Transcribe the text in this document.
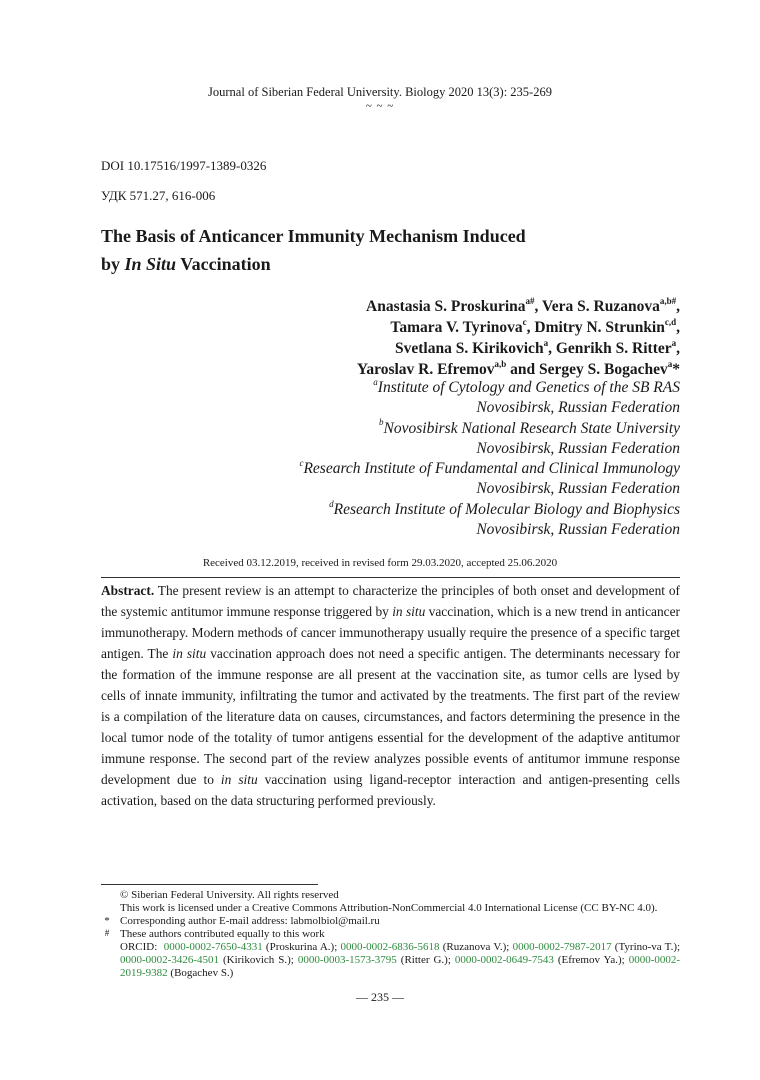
Journal of Siberian Federal University. Biology 2020 13(3): 235-269
~ ~ ~
DOI 10.17516/1997-1389-0326
УДК 571.27, 616-006
The Basis of Anticancer Immunity Mechanism Induced
by In Situ Vaccination
Anastasia S. Proskurina$^{a\#}$, Vera S. Ruzanova$^{a,b\#}$,
Tamara V. Tyrinova$^c$, Dmitry N. Strunkin$^{c,d}$,
Svetlana S. Kirikovich$^a$, Genrikh S. Ritter$^a$,
Yaroslav R. Efremov$^{a,b}$ and Sergey S. Bogachev$^a$*
$^a$Institute of Cytology and Genetics of the SB RAS
Novosibirsk, Russian Federation
$^b$Novosibirsk National Research State University
Novosibirsk, Russian Federation
$^c$Research Institute of Fundamental and Clinical Immunology
Novosibirsk, Russian Federation
$^d$Research Institute of Molecular Biology and Biophysics
Novosibirsk, Russian Federation
Received 03.12.2019, received in revised form 29.03.2020, accepted 25.06.2020
Abstract. The present review is an attempt to characterize the principles of both onset and development of the systemic antitumor immune response triggered by in situ vaccination, which is a new trend in anticancer immunotherapy. Modern methods of cancer immunotherapy usually require the presence of a specific target antigen. The in situ vaccination approach does not need a specific antigen. The determinants necessary for the formation of the immune response are all present at the vaccination site, as tumor cells are lysed by cells of innate immunity, infiltrating the tumor and activated by the treatments. The first part of the review is a compilation of the literature data on causes, circumstances, and factors determining the presence in the local tumor node of the totality of tumor antigens essential for the development of the adaptive antitumor immune response. The second part of the review analyzes possible events of antitumor immune response development due to in situ vaccination using ligand-receptor interaction and antigen-presenting cells activation, based on the data structuring performed previously.
© Siberian Federal University. All rights reserved
This work is licensed under a Creative Commons Attribution-NonCommercial 4.0 International License (CC BY-NC 4.0).
* Corresponding author E-mail address: labmolbiol@mail.ru
# These authors contributed equally to this work
ORCID: 0000-0002-7650-4331 (Proskurina A.); 0000-0002-6836-5618 (Ruzanova V.); 0000-0002-7987-2017 (Tyrino-va T.); 0000-0002-3426-4501 (Kirikovich S.); 0000-0003-1573-3795 (Ritter G.); 0000-0002-0649-7543 (Efremov Ya.); 0000-0002-2019-9382 (Bogachev S.)
— 235 —
